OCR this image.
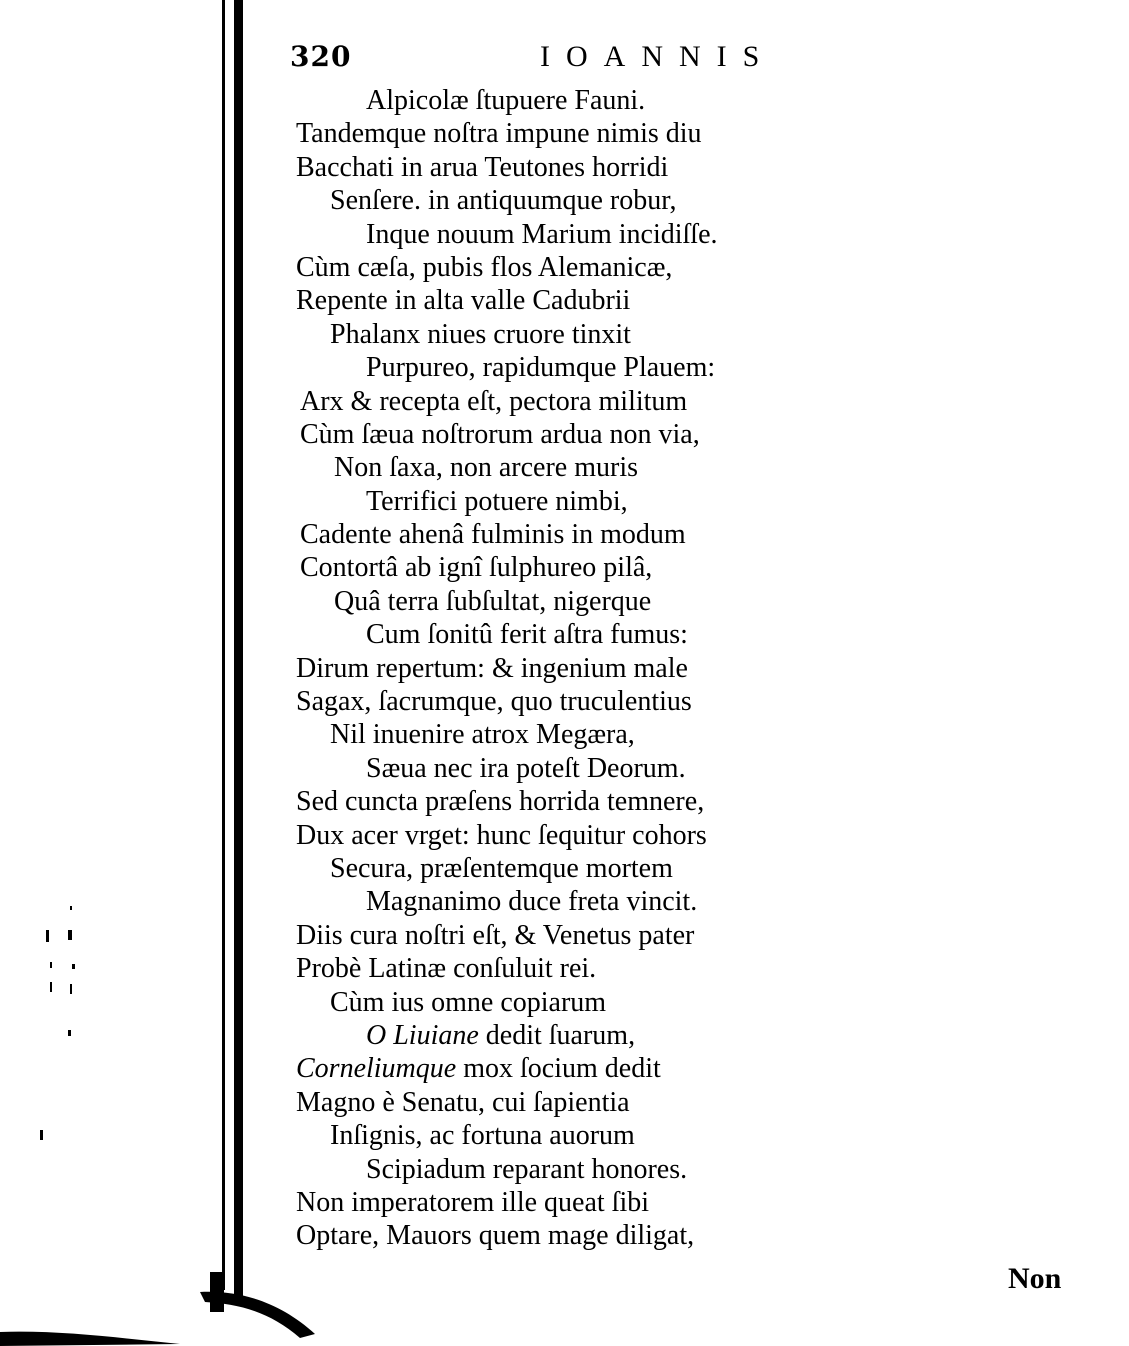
320	IOANNIS
Alpicolæ ſtupuere Fauni.
Tandemque noſtra impune nimis diu
Bacchati in arua Teutones horridi
Senſere. in antiquumque robur,
Inque nouum Marium incidiſſe.
Cùm cæſa, pubis flos Alemanicæ,
Repente in alta valle Cadubrii
Phalanx niues cruore tinxit
Purpureo, rapidumque Plauem:
Arx & recepta eſt, pectora militum
Cùm ſæua noſtrorum ardua non via,
Non ſaxa, non arcere muris
Terrifici potuere nimbi,
Cadente ahenâ fulminis in modum
Contortâ ab ignî ſulphureo pilâ,
Quâ terra ſubſultat, nigerque
Cum ſonitû ferit aſtra fumus:
Dirum repertum: & ingenium male
Sagax, ſacrumque, quo truculentius
Nil inuenire atrox Megæra,
Sæua nec ira poteſt Deorum.
Sed cuncta præſens horrida temnere,
Dux acer vrget: hunc ſequitur cohors
Secura, præſentemque mortem
Magnanimo duce freta vincit.
Diis cura noſtri eſt, & Venetus pater
Probè Latinæ conſuluit rei.
Cùm ius omne copiarum
O Liuiane dedit ſuarum,
Corneliumque mox ſocium dedit
Magno è Senatu, cui ſapientia
Inſignis, ac fortuna auorum
Scipiadum reparant honores.
Non imperatorem ille queat ſibi
Optare, Mauors quem mage diligat,
Non
